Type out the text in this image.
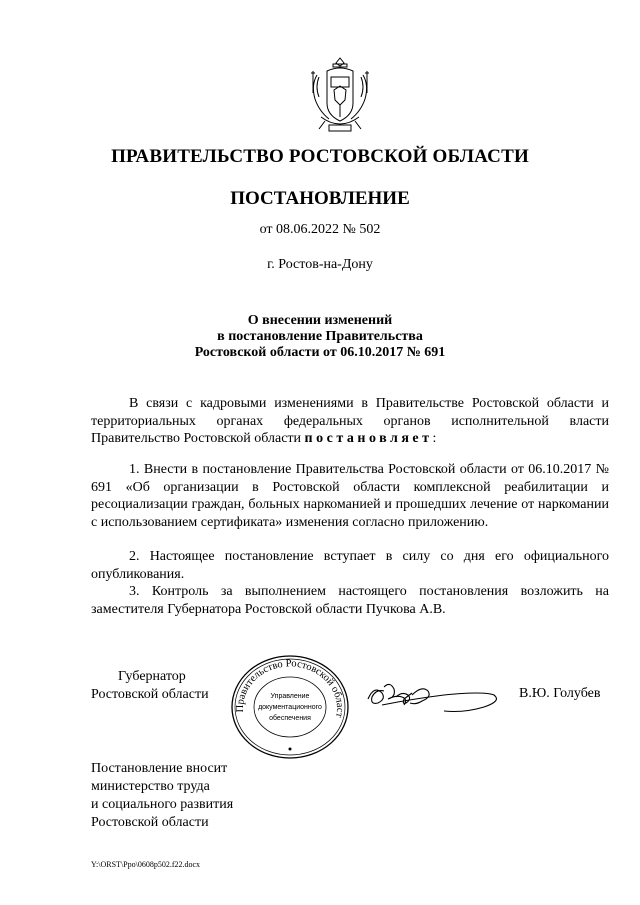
ПРАВИТЕЛЬСТВО РОСТОВСКОЙ ОБЛАСТИ
ПОСТАНОВЛЕНИЕ
от 08.06.2022 № 502
г. Ростов-на-Дону
О внесении изменений
в постановление Правительства
Ростовской области от 06.10.2017 № 691
В связи с кадровыми изменениями в Правительстве Ростовской области и территориальных органах федеральных органов исполнительной власти Правительство Ростовской области постановляет:
1. Внести в постановление Правительства Ростовской области от 06.10.2017 № 691 «Об организации в Ростовской области комплексной реабилитации и ресоциализации граждан, больных наркоманией и прошедших лечение от наркомании с использованием сертификата» изменения согласно приложению.
2. Настоящее постановление вступает в силу со дня его официального опубликования.
3. Контроль за выполнением настоящего постановления возложить на заместителя Губернатора Ростовской области Пучкова А.В.
Губернатор
Ростовской области
Правительство Ростовской област
Управление
документационного
обеспечения
В.Ю. Голубев
Постановление вносит
министерство труда
и социального развития
Ростовской области
Y:\ORST\Ppo\0608p502.f22.docx
